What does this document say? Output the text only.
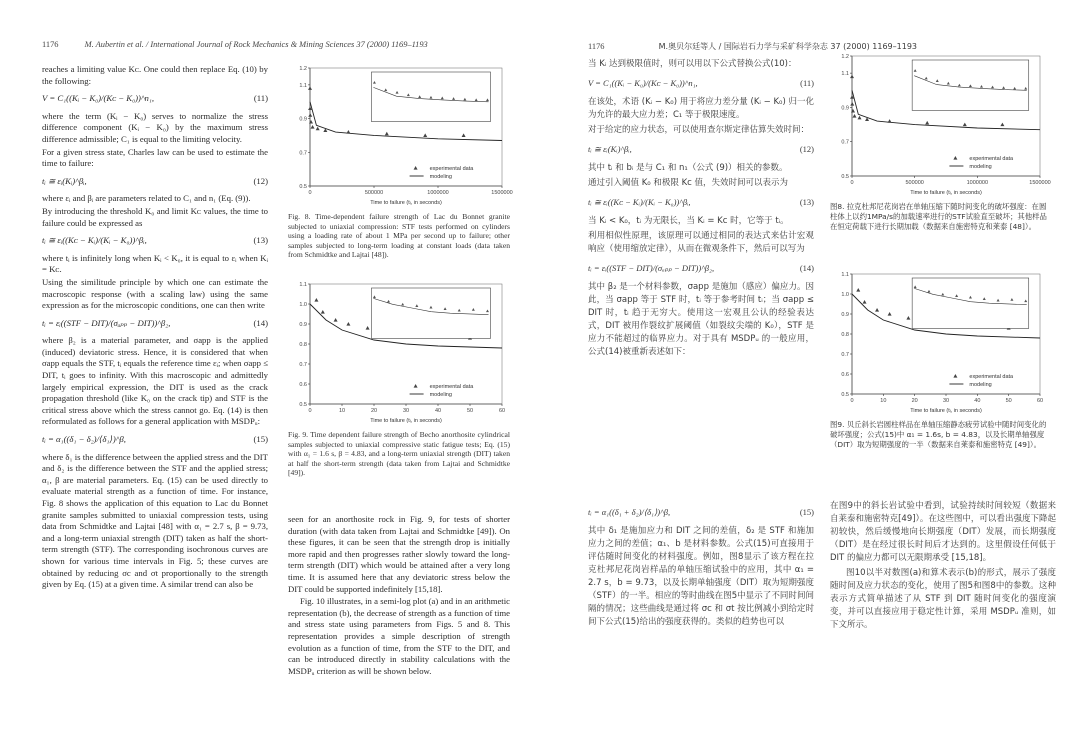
1176	M. Aubertin et al. / International Journal of Rock Mechanics & Mining Sciences 37 (2000) 1169–1193

reaches a limiting value Kᴄ. One could then replace Eq. (10) by the following:

V = C₁((Kᵢ − K₀)/(Kᴄ − K₀))^n₁,	(11)

where the term (Kᵢ − K₀) serves to normalize the stress difference component (Kᵢ − K₀) by the maximum stress difference admissible; C₁ is equal to the limiting velocity.

For a given stress state, Charles law can be used to estimate the time to failure:

tᵢ ≅ εᵢ(Kᵢ)^βᵢ,	(12)

where εᵢ and βᵢ are parameters related to C₁ and n₁ (Eq. (9)).

By introducing the threshold K₀ and limit Kᴄ values, the time to failure could be expressed as

tᵢ ≅ εᵢ((Kᴄ − Kᵢ)/(Kᵢ − K₀))^βᵢ,	(13)

where tᵢ is infinitely long when Kᵢ < K₀, it is equal to εᵢ when Kᵢ = Kᴄ.

Using the similitude principle by which one can estimate the macroscopic response (with a scaling law) using the same expression as for the microscopic conditions, one can then write

tᵢ = εᵢ((STF − DIT)/(σₐₚₚ − DIT))^β₂,	(14)

where β₂ is a material parameter, and σapp is the applied (induced) deviatoric stress. Hence, it is considered that when σapp equals the STF, tᵢ equals the reference time εᵢ; when σapp ≤ DIT, tᵢ goes to infinity. With this macroscopic and admittedly largely empirical expression, the DIT is used as the crack propagation threshold (like K₀ on the crack tip) and STF is the critical stress above which the stress cannot go. Eq. (14) is then reformulated as follows for a general application with MSDPᵤ:

tᵢ = α₁((δ₁ − δ₂)/⟨δ₁⟩)^β,	(15)

where δ₁ is the difference between the applied stress and the DIT and δ₂ is the difference between the STF and the applied stress; α₁, β are material parameters. Eq. (15) can be used directly to evaluate material strength as a function of time. For instance, Fig. 8 shows the application of this equation to Lac du Bonnet granite samples submitted to uniaxial compression tests, using data from Schmidtke and Lajtai [48] with α₁ = 2.7 s, β = 9.73, and a long-term uniaxial strength (DIT) taken as half the short-term strength (STF). The corresponding isochronous curves are shown for various time intervals in Fig. 5; these curves are obtained by reducing σc and σt proportionally to the strength given by Eq. (15) at a given time. A similar trend can also be

0	500000	1000000	1500000
0.5
0.7
0.9
1.1
1.2
experimental data
modeling
Time to failure (tᵢ, in seconds)
Fig. 8. Time-dependent failure strength of Lac du Bonnet granite subjected to uniaxial compression: STF tests performed on cylinders using a loading rate of about 1 MPa per second up to failure; other samples subjected to long-term loading at constant loads (data taken from Schmidtke and Lajtai [48]).
0	10	20	30	40	50	60
0.5
0.6
0.7
0.8
0.9
1.0
1.1
experimental data
modeling
Time to failure (tᵢ, in seconds)
Fig. 9. Time dependent failure strength of Becho anorthosite cylindrical samples subjected to uniaxial compressive static fatigue tests; Eq. (15) with α₁ = 1.6 s, β = 4.83, and a long-term uniaxial strength (DIT) taken at half the short-term strength (data taken from Lajtai and Schmidtke [49]).

seen for an anorthosite rock in Fig. 9, for tests of shorter duration (with data taken from Lajtai and Schmidtke [49]). On these figures, it can be seen that the strength drop is initially more rapid and then progresses rather slowly toward the long-term strength (DIT) which would be attained after a very long time. It is assumed here that any deviatoric stress below the DIT could be supported indefinitely [15,18].

Fig. 10 illustrates, in a semi-log plot (a) and in an arithmetic representation (b), the decrease of strength as a function of time and stress state using parameters from Figs. 5 and 8. This representation provides a simple description of strength evolution as a function of time, from the STF to the DIT, and can be introduced directly in stability calculations with the MSDPᵤ criterion as will be shown below.

1176	M.奥贝尔廷等人 / 国际岩石力学与采矿科学杂志 37 (2000) 1169–1193

当 Kᵢ 达到极限值时，则可以用以下公式替换公式(10)：

V = C₁((Kᵢ − K₀)/(Kᴄ − K₀))^n₁,	(11)

在该处，术语 (Kᵢ − K₀) 用于将应力差分量 (Kᵢ − K₀) 归一化为允许的最大应力差；C₁ 等于极限速度。

对于给定的应力状态，可以使用查尔斯定律估算失效时间：

tᵢ ≅ εᵢ(Kᵢ)^βᵢ,	(12)

其中 tᵢ 和 bᵢ 是与 C₁ 和 n₁（公式 (9)）相关的参数。

通过引入阈值 K₀ 和极限 Kᴄ 值，失效时间可以表示为

tᵢ ≅ εᵢ((Kᴄ − Kᵢ)/(Kᵢ − K₀))^βᵢ,	(13)

当 Kᵢ < K₀，tᵢ 为无限长，当 Kᵢ = Kᴄ 时，它等于 tᵢ。

利用相似性原理，该原理可以通过相同的表达式来估计宏观响应（使用缩放定律），从而在微观条件下，然后可以写为

tᵢ = εᵢ((STF − DIT)/(σₐₚₚ − DIT))^β₂,	(14)

其中 β₂ 是一个材料参数，σapp 是施加（感应）偏应力。因此，当 σapp 等于 STF 时，tᵢ 等于参考时间 tᵢ；当 σapp ≤ DIT 时，tᵢ 趋于无穷大。使用这一宏观且公认的经验表达式，DIT 被用作裂纹扩展阈值（如裂纹尖端的 K₀），STF 是应力不能超过的临界应力。对于具有 MSDPᵤ 的一般应用，公式(14)被重新表述如下：

tᵢ = α₁((δ₁ + δ₂)/⟨δ₁⟩)^β,	(15)

其中 δ₁ 是施加应力和 DIT 之间的差值，δ₂ 是 STF 和施加应力之间的差值；α₁、b 是材料参数。公式(15)可直接用于评估随时间变化的材料强度。例如，图8显示了该方程在拉克杜邦尼花岗岩样品的单轴压缩试验中的应用，其中 α₁ = 2.7 s，b = 9.73，以及长期单轴强度（DIT）取为短期强度（STF）的一半。相应的等时曲线在图5中显示了不同时间间隔的情况；这些曲线是通过将 σc 和 σt 按比例减小到给定时间下公式(15)给出的强度获得的。类似的趋势也可以

0	500000	1000000	1500000
0.5
0.7
0.9
1.1
1.2
experimental data
modeling
Time to failure (tᵢ, in seconds)
图8. 拉克杜邦尼花岗岩在单轴压缩下随时间变化的破坏强度：在圆柱体上以约1MPa/s的加载速率进行的STF试验直至破坏；其他样品在恒定荷载下进行长期加载（数据来自施密特克和莱泰 [48]）。
0	10	20	30	40	50	60
0.5
0.6
0.7
0.8
0.9
1.0
1.1
experimental data
modeling
Time to failure (tᵢ, in seconds)
图9. 贝丘斜长岩圆柱样品在单轴压缩静态疲劳试验中随时间变化的破坏强度；公式(15)中 α₁ = 1.6s, b = 4.83，以及长期单轴强度（DIT）取为短期强度的一半（数据来自莱泰和施密特克 [49]）。

在图9中的斜长岩试验中看到，试验持续时间较短（数据来自莱泰和施密特克[49]）。在这些图中，可以看出强度下降起初较快，然后缓慢地向长期强度（DIT）发展，而长期强度（DIT）是在经过很长时间后才达到的。这里假设任何低于 DIT 的偏应力都可以无限期承受 [15,18]。

图10以半对数图(a)和算术表示(b)的形式，展示了强度随时间及应力状态的变化，使用了图5和图8中的参数。这种表示方式简单描述了从 STF 到 DIT 随时间变化的强度演变，并可以直接应用于稳定性计算，采用 MSDPᵤ 准则，如下文所示。
